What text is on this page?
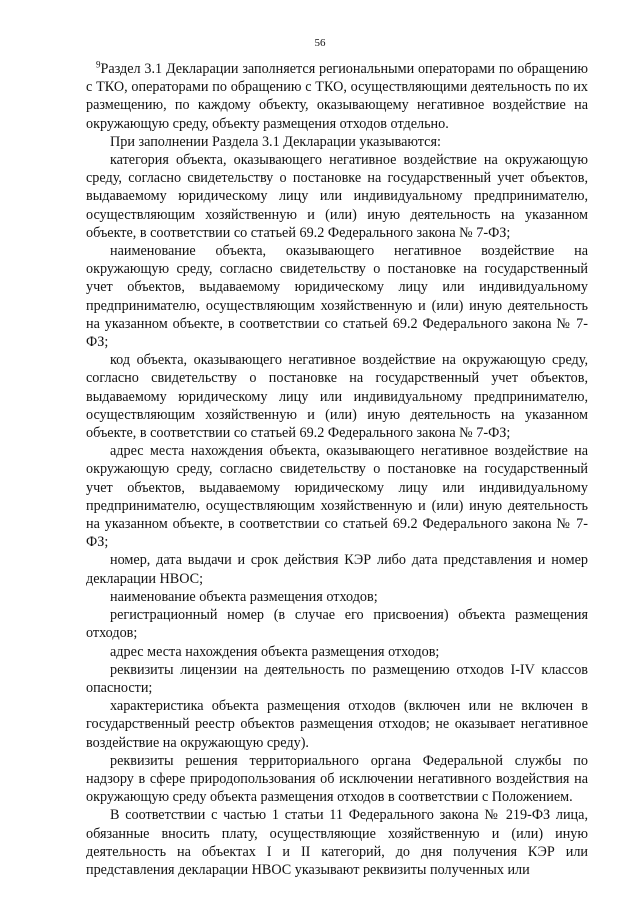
56

$^9$Раздел 3.1 Декларации заполняется региональными операторами по обращению с ТКО, операторами по обращению с ТКО, осуществляющими деятельность по их размещению, по каждому объекту, оказывающему негативное воздействие на окружающую среду, объекту размещения отходов отдельно.

При заполнении Раздела 3.1 Декларации указываются:

категория объекта, оказывающего негативное воздействие на окружающую среду, согласно свидетельству о постановке на государственный учет объектов, выдаваемому юридическому лицу или индивидуальному предпринимателю, осуществляющим хозяйственную и (или) иную деятельность на указанном объекте, в соответствии со статьей 69.2 Федерального закона № 7-ФЗ;

наименование объекта, оказывающего негативное воздействие на окружающую среду, согласно свидетельству о постановке на государственный учет объектов, выдаваемому юридическому лицу или индивидуальному предпринимателю, осуществляющим хозяйственную и (или) иную деятельность на указанном объекте, в соответствии со статьей 69.2 Федерального закона № 7-ФЗ;

код объекта, оказывающего негативное воздействие на окружающую среду, согласно свидетельству о постановке на государственный учет объектов, выдаваемому юридическому лицу или индивидуальному предпринимателю, осуществляющим хозяйственную и (или) иную деятельность на указанном объекте, в соответствии со статьей 69.2 Федерального закона № 7-ФЗ;

адрес места нахождения объекта, оказывающего негативное воздействие на окружающую среду, согласно свидетельству о постановке на государственный учет объектов, выдаваемому юридическому лицу или индивидуальному предпринимателю, осуществляющим хозяйственную и (или) иную деятельность на указанном объекте, в соответствии со статьей 69.2 Федерального закона № 7-ФЗ;

номер, дата выдачи и срок действия КЭР либо дата представления и номер декларации НВОС;

наименование объекта размещения отходов;

регистрационный номер (в случае его присвоения) объекта размещения отходов;

адрес места нахождения объекта размещения отходов;

реквизиты лицензии на деятельность по размещению отходов I-IV классов опасности;

характеристика объекта размещения отходов (включен или не включен в государственный реестр объектов размещения отходов; не оказывает негативное воздействие на окружающую среду).

реквизиты решения территориального органа Федеральной службы по надзору в сфере природопользования об исключении негативного воздействия на окружающую среду объекта размещения отходов в соответствии с Положением.

В соответствии с частью 1 статьи 11 Федерального закона № 219-ФЗ лица, обязанные вносить плату, осуществляющие хозяйственную и (или) иную деятельность на объектах I и II категорий, до дня получения КЭР или представления декларации НВОС указывают реквизиты полученных или
